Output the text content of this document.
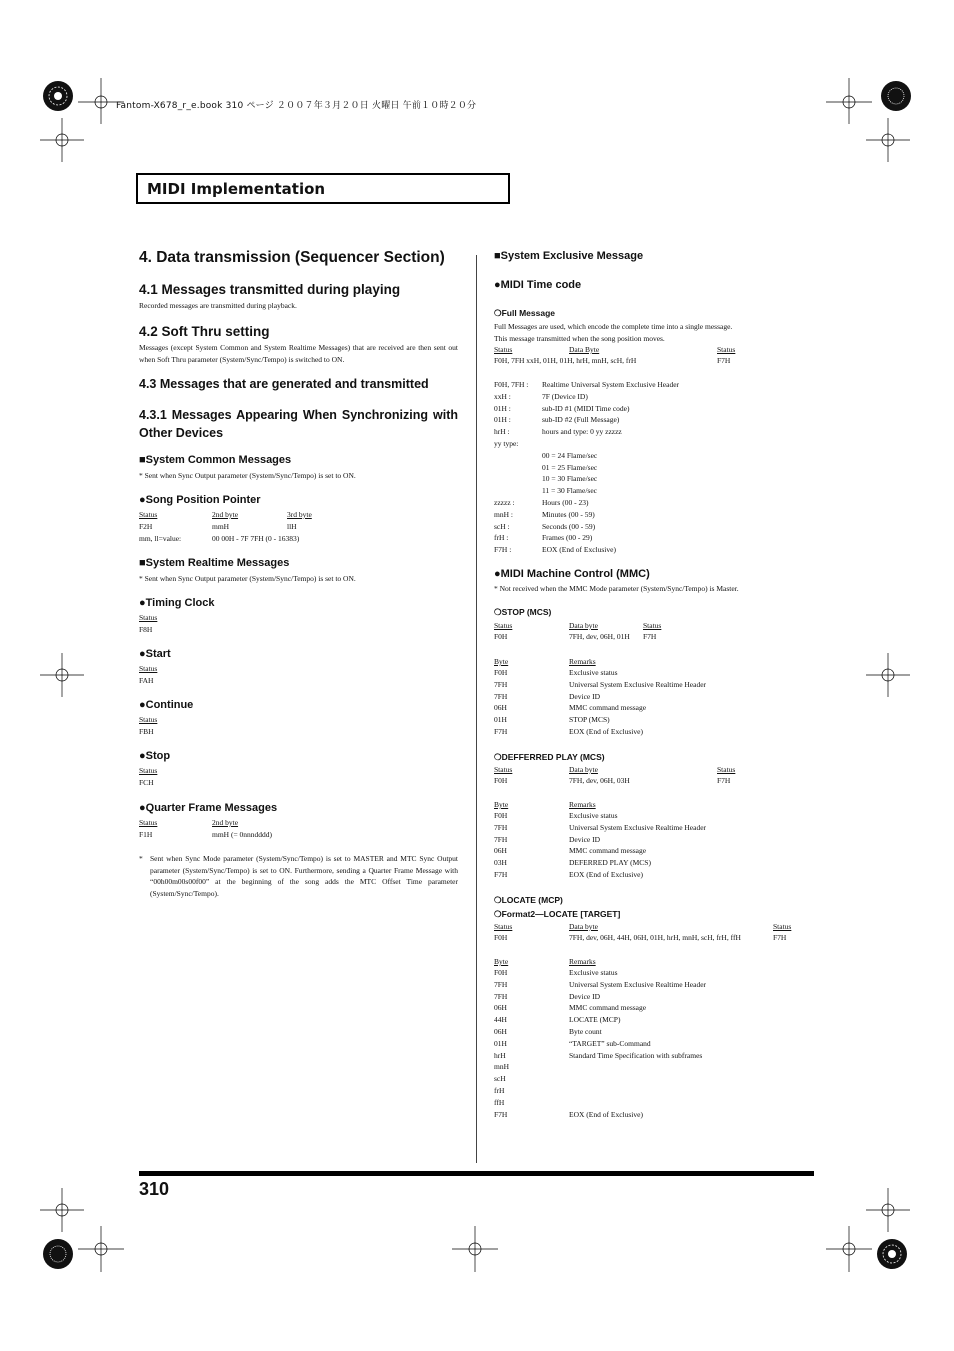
Fantom-X678_r_e.book 310 ページ ２００７年３月２０日 火曜日 午前１０時２０分
MIDI Implementation
4. Data transmission (Sequencer Section)
4.1 Messages transmitted during playing
Recorded messages are transmitted during playback.
4.2 Soft Thru setting
Messages (except System Common and System Realtime Messages) that are received are then sent out when Soft Thru parameter (System/Sync/Tempo) is switched to ON.
4.3 Messages that are generated and transmitted
4.3.1 Messages Appearing When Synchronizing with Other Devices
■System Common Messages
* Sent when Sync Output parameter (System/Sync/Tempo) is set to ON.
●Song Position Pointer
Status	2nd byte	3rd byte
F2H	mmH	llH
mm, ll=value:	00 00H - 7F 7FH (0 - 16383)
■System Realtime Messages
* Sent when Sync Output parameter (System/Sync/Tempo) is set to ON.
●Timing Clock
Status
F8H
●Start
Status
FAH
●Continue
Status
FBH
●Stop
Status
FCH
●Quarter Frame Messages
Status	2nd byte
F1H	mmH (= 0nnndddd)
* Sent when Sync Mode parameter (System/Sync/Tempo) is set to MASTER and MTC Sync Output parameter (System/Sync/Tempo) is set to ON. Furthermore, sending a Quarter Frame Message with “00h00m00s00f00” at the beginning of the song adds the MTC Offset Time parameter (System/Sync/Tempo).
■System Exclusive Message
●MIDI Time code
❍Full Message
Full Messages are used, which encode the complete time into a single message.
This message transmitted when the song position moves.
Status	Data Byte	Status
F0H, 7FH xxH, 01H, 01H, hrH, mnH, scH, frH	F7H
F0H, 7FH : Realtime Universal System Exclusive Header
xxH :	7F (Device ID)
01H :	sub-ID #1 (MIDI Time code)
01H :	sub-ID #2 (Full Message)
hrH :	hours and type: 0 yy zzzzz
yy type:
00 = 24 Flame/sec
01 = 25 Flame/sec
10 = 30 Flame/sec
11 = 30 Flame/sec
zzzzz :	Hours (00 - 23)
mnH :	Minutes (00 - 59)
scH :	Seconds (00 - 59)
frH :	Frames (00 - 29)
F7H :	EOX (End of Exclusive)
●MIDI Machine Control (MMC)
* Not received when the MMC Mode parameter (System/Sync/Tempo) is Master.
❍STOP (MCS)
Status	Data byte	Status
F0H	7FH, dev, 06H, 01H F7H
Byte	Remarks
F0H	Exclusive status
7FH	Universal System Exclusive Realtime Header
7FH	Device ID
06H	MMC command message
01H	STOP (MCS)
F7H	EOX (End of Exclusive)
❍DEFFERRED PLAY (MCS)
Status	Data byte	Status
F0H	7FH, dev, 06H, 03H	F7H
Byte	Remarks
F0H	Exclusive status
7FH	Universal System Exclusive Realtime Header
7FH	Device ID
06H	MMC command message
03H	DEFERRED PLAY (MCS)
F7H	EOX (End of Exclusive)
❍LOCATE (MCP)
❍Format2—LOCATE [TARGET]
Status	Data byte	Status
F0H	7FH, dev, 06H, 44H, 06H, 01H, hrH, mnH, scH, frH, ffH	F7H
Byte	Remarks
F0H	Exclusive status
7FH	Universal System Exclusive Realtime Header
7FH	Device ID
06H	MMC command message
44H	LOCATE (MCP)
06H	Byte count
01H	“TARGET” sub-Command
hrH	Standard Time Specification with subframes
mnH
scH
frH
ffH
F7H	EOX (End of Exclusive)
310
